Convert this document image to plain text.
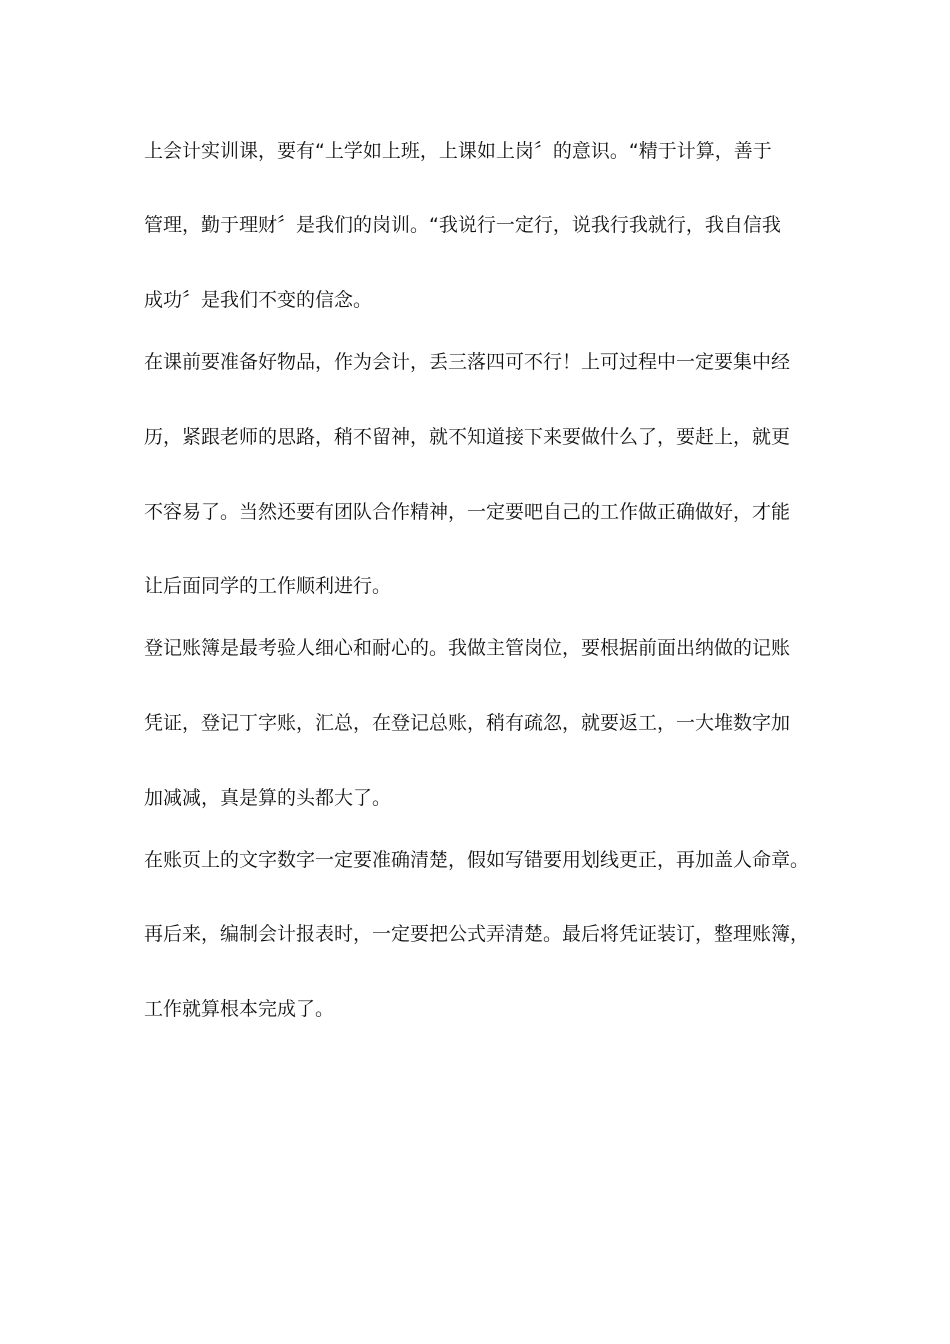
上会计实训课，要有“上学如上班，上课如上岗〞的意识。“精于计算，善于
管理，勤于理财〞是我们的岗训。“我说行一定行，说我行我就行，我自信我
成功〞是我们不变的信念。
在课前要准备好物品，作为会计，丢三落四可不行！上可过程中一定要集中经
历，紧跟老师的思路，稍不留神，就不知道接下来要做什么了，要赶上，就更
不容易了。当然还要有团队合作精神，一定要吧自己的工作做正确做好，才能
让后面同学的工作顺利进行。
登记账簿是最考验人细心和耐心的。我做主管岗位，要根据前面出纳做的记账
凭证，登记丁字账，汇总，在登记总账，稍有疏忽，就要返工，一大堆数字加
加减减，真是算的头都大了。
在账页上的文字数字一定要准确清楚，假如写错要用划线更正，再加盖人命章。
再后来，编制会计报表时，一定要把公式弄清楚。最后将凭证装订，整理账簿，
工作就算根本完成了。
